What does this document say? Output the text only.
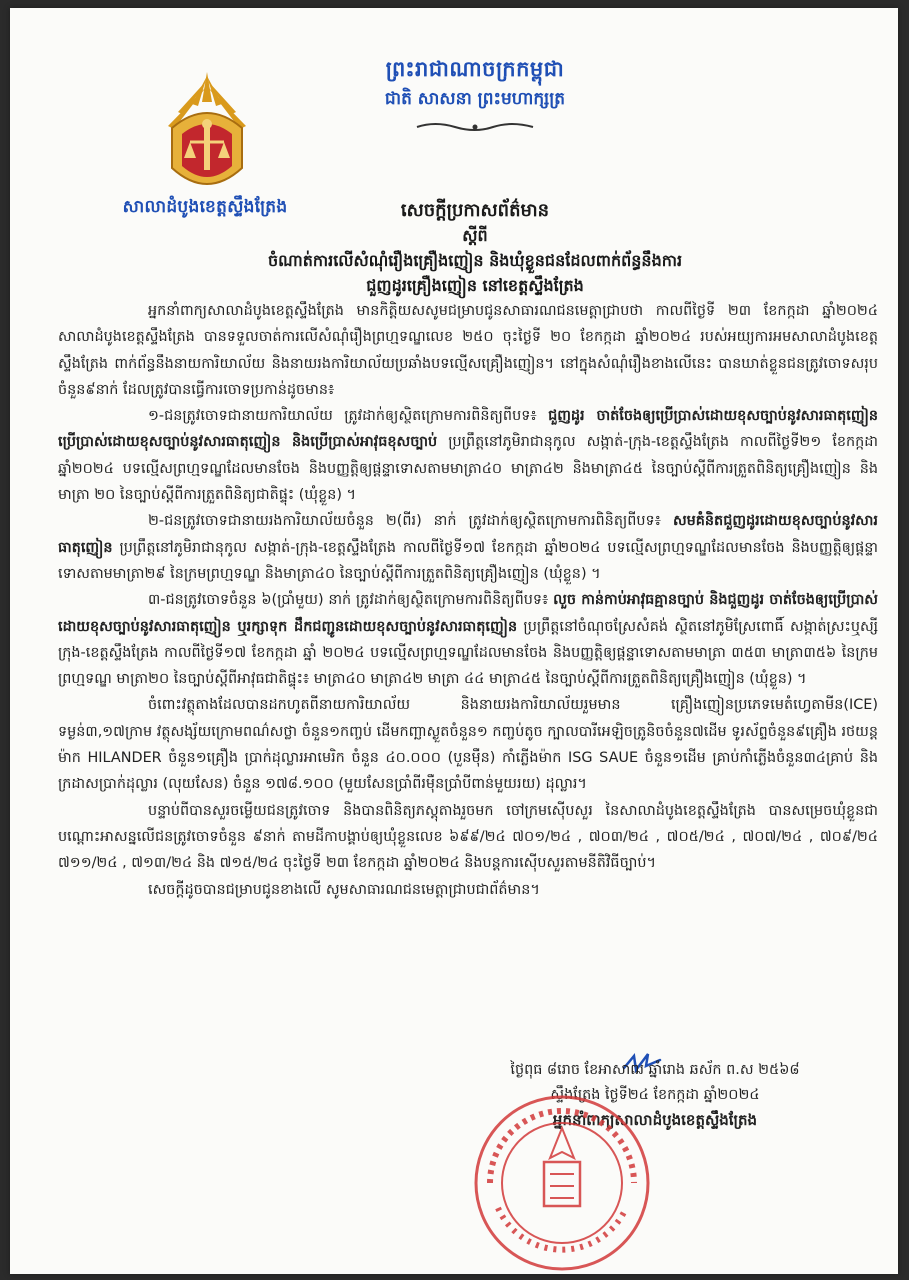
សាលាដំបូងខេត្តស្ទឹងត្រែង
ព្រះរាជាណាចក្រកម្ពុជា
ជាតិ សាសនា ព្រះមហាក្សត្រ
សេចក្តីប្រកាសព័ត៌មាន
ស្តីពី
ចំណាត់ការលើសំណុំរឿងគ្រឿងញៀន និងឃុំខ្លួនជនដែលពាក់ព័ន្ធនឹងការ
ជួញដូរគ្រឿងញៀន នៅខេត្តស្ទឹងត្រែង

អ្នកនាំពាក្យសាលាដំបូងខេត្តស្ទឹងត្រែង មានកិត្តិយសសូមជម្រាបជូនសាធារណជនមេត្តាជ្រាបថា កាលពីថ្ងៃទី ២៣ ខែកក្កដា ឆ្នាំ២០២៤ សាលាដំបូងខេត្តស្ទឹងត្រែង បានទទួលចាត់ការលើសំណុំរឿងព្រហ្មទណ្ឌលេខ ២៥០ ចុះថ្ងៃទី ២០ ខែកក្កដា ឆ្នាំ២០២៤ របស់អយ្យការអមសាលាដំបូងខេត្តស្ទឹងត្រែង ពាក់ព័ន្ធនឹងនាយការិយាល័យ និងនាយរងការិយាល័យប្រឆាំងបទល្មើសគ្រឿងញៀន។ នៅក្នុងសំណុំរឿងខាងលើនេះ បានឃាត់ខ្លួនជនត្រូវចោទសរុបចំនួន៩នាក់ ដែលត្រូវបានធ្វើការចោទប្រកាន់ដូចមាន៖

១-ជនត្រូវចោទជានាយការិយាល័យ ត្រូវដាក់ឲ្យស្ថិតក្រោមការពិនិត្យពីបទ៖ ជួញដូរ ចាត់ចែងឲ្យប្រើប្រាស់ដោយខុសច្បាប់នូវសារធាតុញៀន ប្រើប្រាស់ដោយខុសច្បាប់នូវសារធាតុញៀន និងប្រើប្រាស់អាវុធខុសច្បាប់ ប្រព្រឹត្តនៅភូមិរាជានុកូល សង្កាត់-ក្រុង-ខេត្តស្ទឹងត្រែង កាលពីថ្ងៃទី២១ ខែកក្កដា ឆ្នាំ២០២៤ បទល្មើសព្រហ្មទណ្ឌដែលមានចែង និងបញ្ញត្តិឲ្យផ្តន្ទាទោសតាមមាត្រា៤០ មាត្រា៤២ និងមាត្រា៤៥ នៃច្បាប់ស្តីពីការត្រួតពិនិត្យគ្រឿងញៀន និងមាត្រា ២០ នៃច្បាប់ស្តីពីការត្រួតពិនិត្យជាតិផ្ទុះ (ឃុំខ្លួន) ។

២-ជនត្រូវចោទជានាយរងការិយាល័យចំនួន ២(ពីរ) នាក់ ត្រូវដាក់ឲ្យស្ថិតក្រោមការពិនិត្យពីបទ៖ សមគំនិតជួញដូរដោយខុសច្បាប់នូវសារធាតុញៀន ប្រព្រឹត្តនៅភូមិរាជានុកូល សង្កាត់-ក្រុង-ខេត្តស្ទឹងត្រែង កាលពីថ្ងៃទី១៧ ខែកក្កដា ឆ្នាំ២០២៤ បទល្មើសព្រហ្មទណ្ឌដែលមានចែង និងបញ្ញត្តិឲ្យផ្តន្ទាទោសតាមមាត្រា២៩ នៃក្រមព្រហ្មទណ្ឌ និងមាត្រា៤០ នៃច្បាប់ស្តីពីការត្រួតពិនិត្យគ្រឿងញៀន (ឃុំខ្លួន) ។

៣-ជនត្រូវចោទចំនួន ៦(ប្រាំមួយ) នាក់ ត្រូវដាក់ឲ្យស្ថិតក្រោមការពិនិត្យពីបទ៖ លួច កាន់កាប់អាវុធគ្មានច្បាប់ និងជួញដូរ ចាត់ចែងឲ្យប្រើប្រាស់ដោយខុសច្បាប់នូវសារធាតុញៀន ឬរក្សាទុក ដឹកជញ្ជូនដោយខុសច្បាប់នូវសារធាតុញៀន ប្រព្រឹត្តនៅចំណុចស្រែសំគង់ ស្ថិតនៅភូមិស្រែពោធិ៍ សង្កាត់ស្រះឬស្សី ក្រុង-ខេត្តស្ទឹងត្រែង កាលពីថ្ងៃទី១៧ ខែកក្កដា ឆ្នាំ ២០២៤ បទល្មើសព្រហ្មទណ្ឌដែលមានចែង និងបញ្ញត្តិឲ្យផ្តន្ទាទោសតាមមាត្រា ៣៥៣ មាត្រា៣៥៦ នៃក្រមព្រហ្មទណ្ឌ មាត្រា២០ នៃច្បាប់ស្តីពីអាវុធជាតិផ្ទុះ៖ មាត្រា៤០ មាត្រា៤២ មាត្រា ៤៤ មាត្រា៤៥ នៃច្បាប់ស្តីពីការត្រួតពិនិត្យគ្រឿងញៀន (ឃុំខ្លួន) ។

ចំពោះវត្ថុតាងដែលបានដកហូតពីនាយការិយាល័យ និងនាយរងការិយាល័យរួមមាន គ្រឿងញៀនប្រភេទមេតំហ្វេតាមីន(ICE) ទម្ងន់៣,១៧ក្រាម វត្ថុសង្ស័យក្រោមពណ៌សថ្លា ចំនួន១កញ្ចប់ ដើមកញ្ឆាស្ងួតចំនួន១ កញ្ចប់តូច ក្បាលបារីអេឡិចត្រូនិចចំនួន៧ដើម ទូរស័ព្ទចំនួន៩គ្រឿង រថយន្តម៉ាក HILANDER ចំនួន១គ្រឿង ប្រាក់ដុល្លារអាមេរិក ចំនួន ៤០.០០០ (បួនម៉ឺន) កាំភ្លើងម៉ាក ISG SAUE ចំនួន១ដើម គ្រាប់កាំភ្លើងចំនួន៣៤គ្រាប់ និងក្រដាសប្រាក់ដុល្លារ (លុយសែន) ចំនួន ១៧៨.១០០ (មួយសែនប្រាំពីរម៉ឺនប្រាំបីពាន់មួយរយ) ដុល្លារ។

បន្ទាប់ពីបានសួរចម្លើយជនត្រូវចោទ និងបានពិនិត្យភស្តុតាងរួចមក ចៅក្រមស៊ើបសួរ នៃសាលាដំបូងខេត្តស្ទឹងត្រែង បានសម្រេចឃុំខ្លួនជាបណ្តោះអាសន្នលើជនត្រូវចោទចំនួន ៩នាក់ តាមដីកាបង្គាប់ឲ្យឃុំខ្លួនលេខ ៦៩៩/២៤ ៧០១/២៤ , ៧០៣/២៤ , ៧០៥/២៤ , ៧០៧/២៤ , ៧០៩/២៤ ៧១១/២៤ , ៧១៣/២៤ និង ៧១៥/២៤ ចុះថ្ងៃទី ២៣ ខែកក្កដា ឆ្នាំ២០២៤ និងបន្តការស៊ើបសួរតាមនីតិវិធីច្បាប់។

សេចក្តីដូចបានជម្រាបជូនខាងលើ សូមសាធារណជនមេត្តាជ្រាបជាព័ត៌មាន។

ថ្ងៃពុធ ៨រោច ខែអាសាឍ ឆ្នាំរោង ឆស័ក ព.ស ២៥៦៨
ស្ទឹងត្រែង ថ្ងៃទី២៤ ខែកក្កដា ឆ្នាំ២០២៤
អ្នកនាំពាក្យសាលាដំបូងខេត្តស្ទឹងត្រែង
